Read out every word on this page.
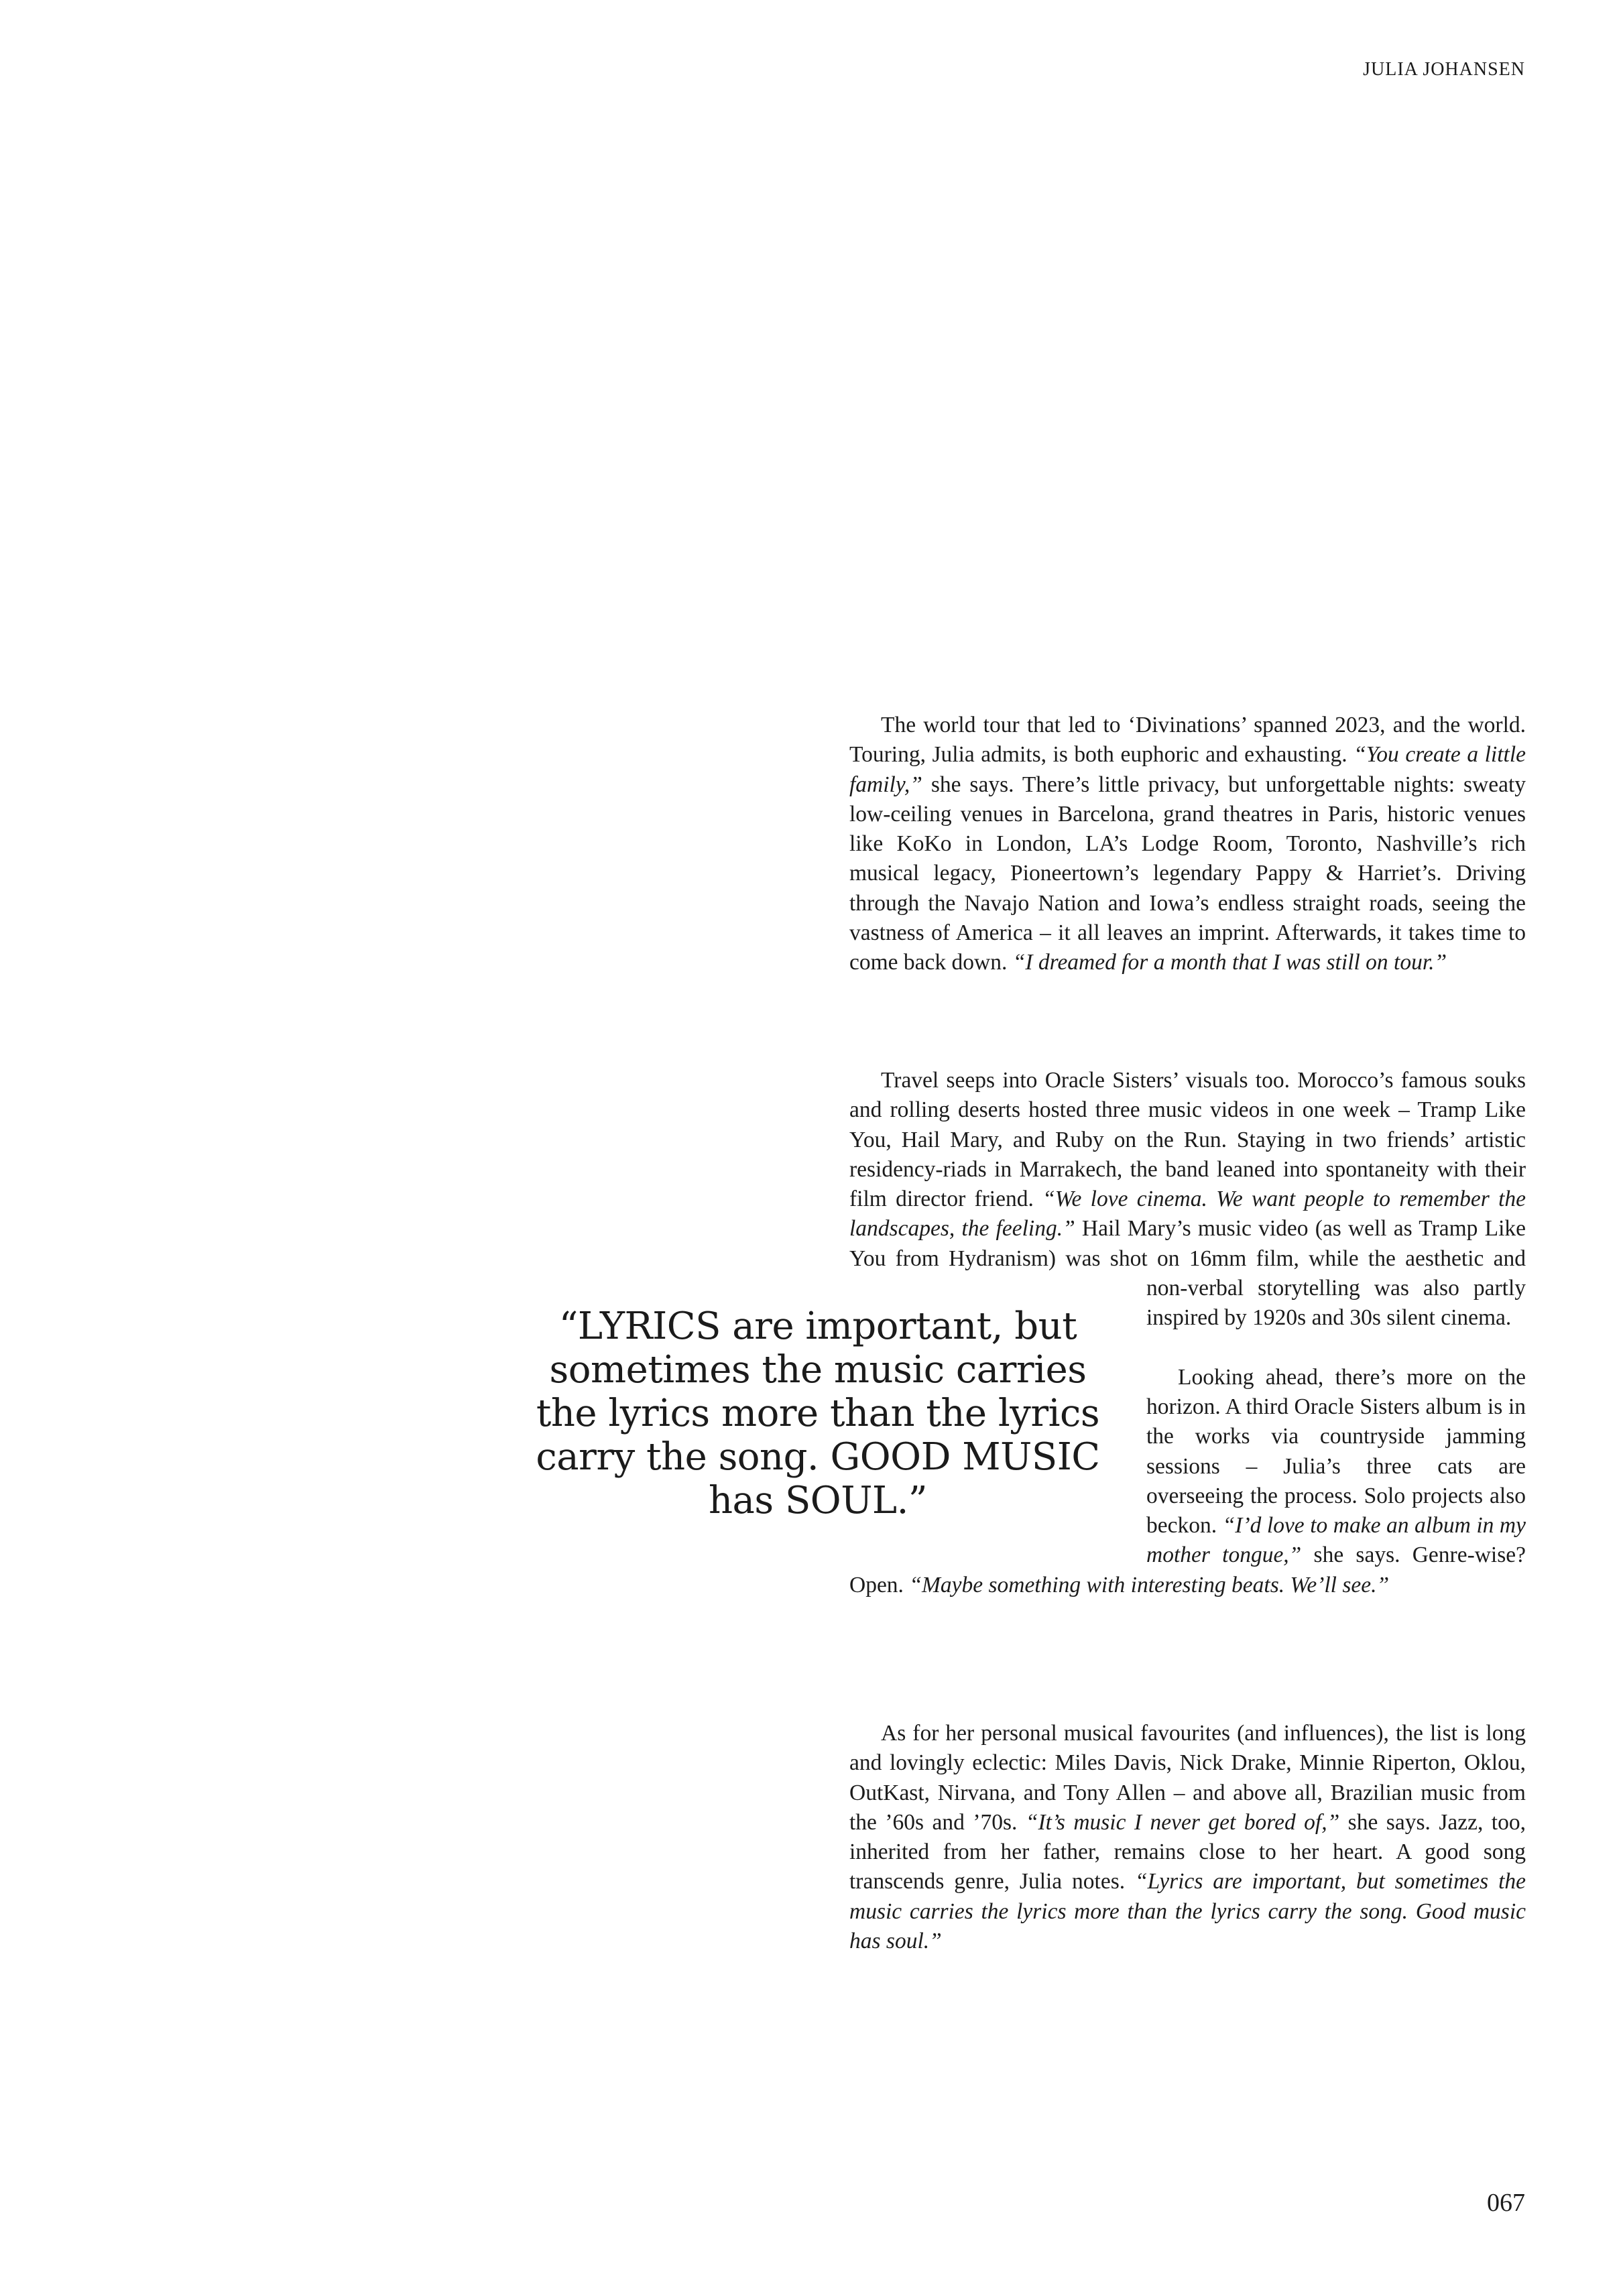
JULIA JOHANSEN

The world tour that led to ‘Divinations’ spanned 2023, and the world. Touring, Julia admits, is both euphoric and exhausting. “You create a little family,” she says. There’s little privacy, but unforgettable nights: sweaty low-ceiling venues in Barcelona, grand theatres in Paris, historic venues like KoKo in London, LA’s Lodge Room, Toronto, Nashville’s rich musical legacy, Pioneertown’s legendary Pappy & Harriet’s. Driving through the Navajo Nation and Iowa’s endless straight roads, seeing the vastness of America – it all leaves an imprint. Afterwards, it takes time to come back down. “I dreamed for a month that I was still on tour.”

Travel seeps into Oracle Sisters’ visuals too. Morocco’s famous souks and rolling deserts hosted three music videos in one week – Tramp Like You, Hail Mary, and Ruby on the Run. Staying in two friends’ artistic residency-riads in Marrakech, the band leaned into spontaneity with their film director friend. “We love cinema. We want people to remember the landscapes, the feeling.” Hail Mary’s music video (as well as Tramp Like You from Hydranism) was shot on 16mm film, while the aesthetic and non-verbal storytelling was also partly inspired by 1920s and 30s silent cinema.

Looking ahead, there’s more on the horizon. A third Oracle Sisters album is in the works via countryside jamming sessions – Julia’s three cats are overseeing the process. Solo projects also beckon. “I’d love to make an album in my mother tongue,” she says. Genre-wise? Open. “Maybe something with interesting beats. We’ll see.”

As for her personal musical favourites (and influences), the list is long and lovingly eclectic: Miles Davis, Nick Drake, Minnie Riperton, Oklou, OutKast, Nirvana, and Tony Allen – and above all, Brazilian music from the ’60s and ’70s. “It’s music I never get bored of,” she says. Jazz, too, inherited from her father, remains close to her heart. A good song transcends genre, Julia notes. “Lyrics are important, but sometimes the music carries the lyrics more than the lyrics carry the song. Good music has soul.”

“LYRICS are important, but sometimes the music carries the lyrics more than the lyrics carry the song. GOOD MUSIC has SOUL.”
067
